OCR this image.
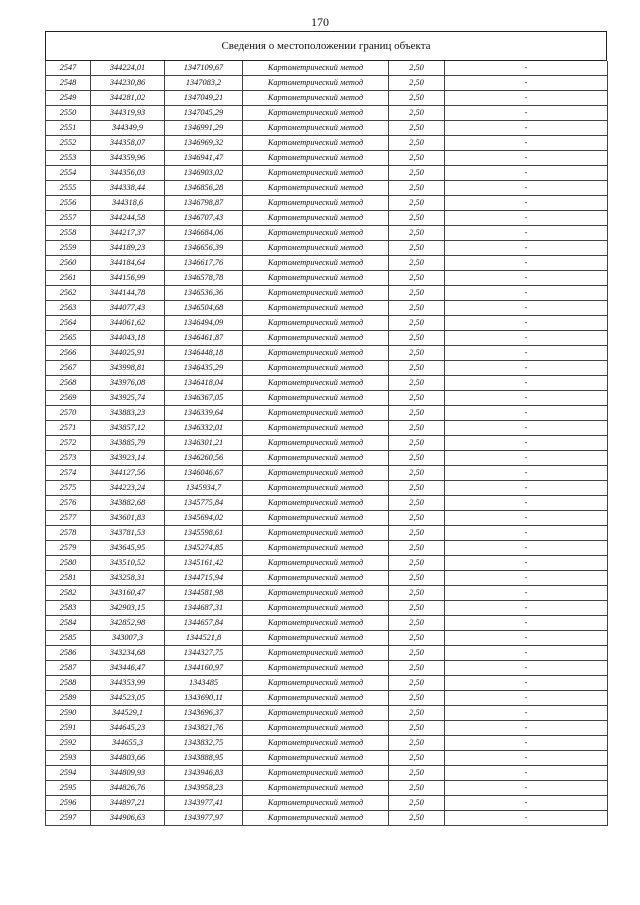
170
Сведения о местоположении границ объекта
2547	344224,01	1347109,67	Картометрический метод	2,50	-
2548	344230,86	1347083,2	Картометрический метод	2,50	-
2549	344281,02	1347049,21	Картометрический метод	2,50	-
2550	344319,93	1347045,29	Картометрический метод	2,50	-
2551	344349,9	1346991,29	Картометрический метод	2,50	-
2552	344358,07	1346969,32	Картометрический метод	2,50	-
2553	344359,96	1346941,47	Картометрический метод	2,50	-
2554	344356,03	1346903,02	Картометрический метод	2,50	-
2555	344338,44	1346856,28	Картометрический метод	2,50	-
2556	344318,6	1346798,87	Картометрический метод	2,50	-
2557	344244,58	1346707,43	Картометрический метод	2,50	-
2558	344217,37	1346684,06	Картометрический метод	2,50	-
2559	344189,23	1346656,39	Картометрический метод	2,50	-
2560	344184,64	1346617,76	Картометрический метод	2,50	-
2561	344156,99	1346578,78	Картометрический метод	2,50	-
2562	344144,78	1346536,36	Картометрический метод	2,50	-
2563	344077,43	1346504,68	Картометрический метод	2,50	-
2564	344061,62	1346494,09	Картометрический метод	2,50	-
2565	344043,18	1346461,87	Картометрический метод	2,50	-
2566	344025,91	1346448,18	Картометрический метод	2,50	-
2567	343998,81	1346435,29	Картометрический метод	2,50	-
2568	343976,08	1346418,04	Картометрический метод	2,50	-
2569	343925,74	1346367,05	Картометрический метод	2,50	-
2570	343883,23	1346339,64	Картометрический метод	2,50	-
2571	343857,12	1346332,01	Картометрический метод	2,50	-
2572	343885,79	1346301,21	Картометрический метод	2,50	-
2573	343923,14	1346260,56	Картометрический метод	2,50	-
2574	344127,56	1346046,67	Картометрический метод	2,50	-
2575	344223,24	1345934,7	Картометрический метод	2,50	-
2576	343882,68	1345775,84	Картометрический метод	2,50	-
2577	343601,83	1345694,02	Картометрический метод	2,50	-
2578	343781,53	1345598,61	Картометрический метод	2,50	-
2579	343645,95	1345274,85	Картометрический метод	2,50	-
2580	343510,52	1345161,42	Картометрический метод	2,50	-
2581	343258,31	1344715,94	Картометрический метод	2,50	-
2582	343160,47	1344581,98	Картометрический метод	2,50	-
2583	342903,15	1344687,31	Картометрический метод	2,50	-
2584	342852,98	1344657,84	Картометрический метод	2,50	-
2585	343007,3	1344521,8	Картометрический метод	2,50	-
2586	343234,68	1344327,75	Картометрический метод	2,50	-
2587	343446,47	1344160,97	Картометрический метод	2,50	-
2588	344353,99	1343485	Картометрический метод	2,50	-
2589	344523,05	1343690,11	Картометрический метод	2,50	-
2590	344529,1	1343696,37	Картометрический метод	2,50	-
2591	344645,23	1343821,76	Картометрический метод	2,50	-
2592	344655,3	1343832,75	Картометрический метод	2,50	-
2593	344803,66	1343888,95	Картометрический метод	2,50	-
2594	344809,93	1343946,83	Картометрический метод	2,50	-
2595	344826,76	1343958,23	Картометрический метод	2,50	-
2596	344897,21	1343977,41	Картометрический метод	2,50	-
2597	344906,63	1343977,97	Картометрический метод	2,50	-
